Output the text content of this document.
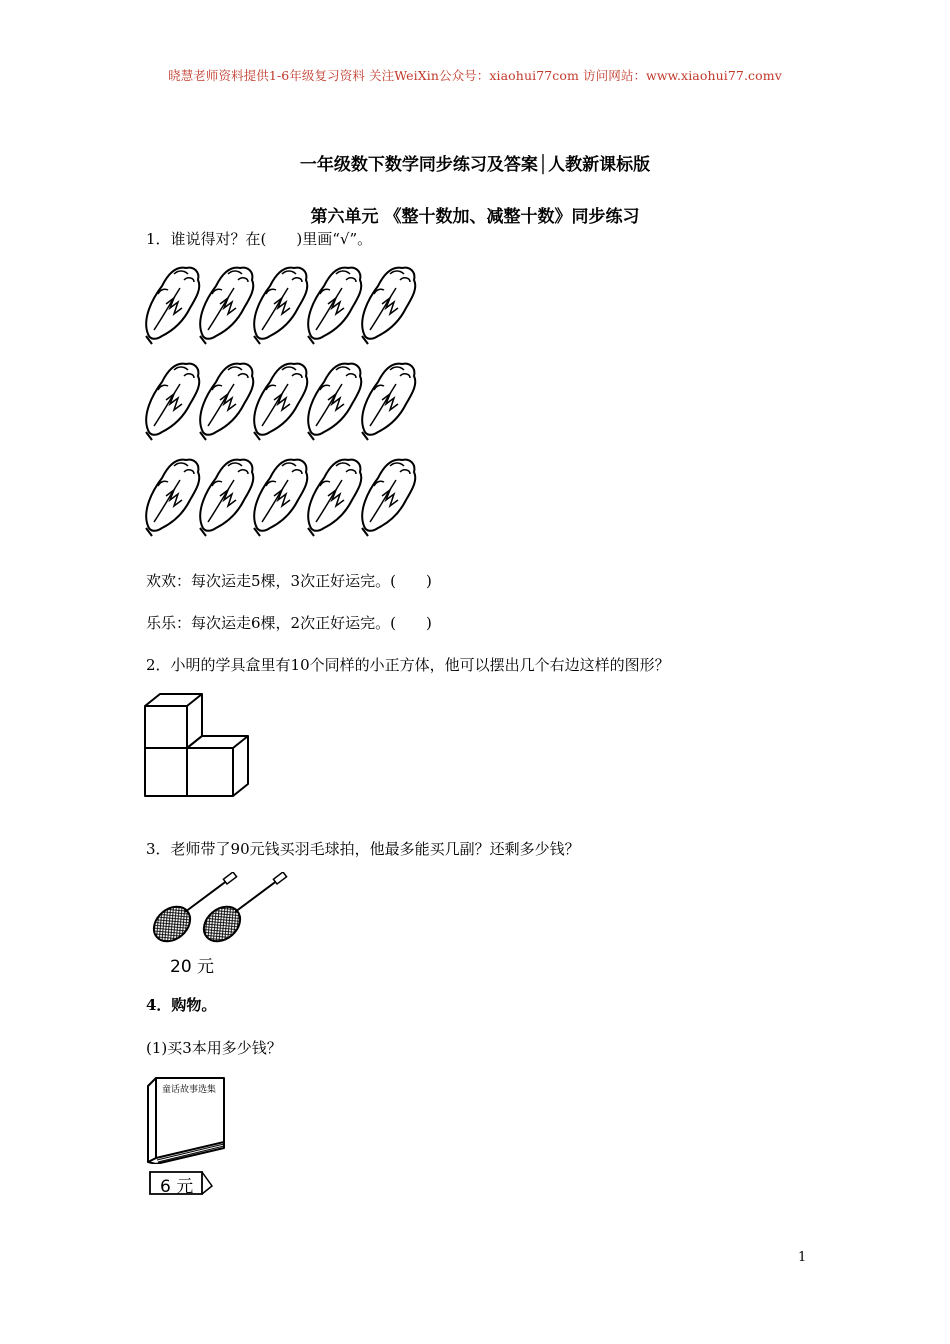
晓慧老师资料提供1-6年级复习资料 关注WeiXin公众号：xiaohui77com 访问网站：www.xiaohui77.comv
一年级数下数学同步练习及答案│人教新课标版
第六单元 《整十数加、减整十数》同步练习
1．谁说得对？在(　　)里画“√”。
欢欢：每次运走5棵，3次正好运完。(　　)
乐乐：每次运走6棵，2次正好运完。(　　)
2．小明的学具盒里有10个同样的小正方体，他可以摆出几个右边这样的图形？
3．老师带了90元钱买羽毛球拍，他最多能买几副？还剩多少钱？
20 元
4．购物。
(1)买3本用多少钱？
童话故事选集
6 元
1
